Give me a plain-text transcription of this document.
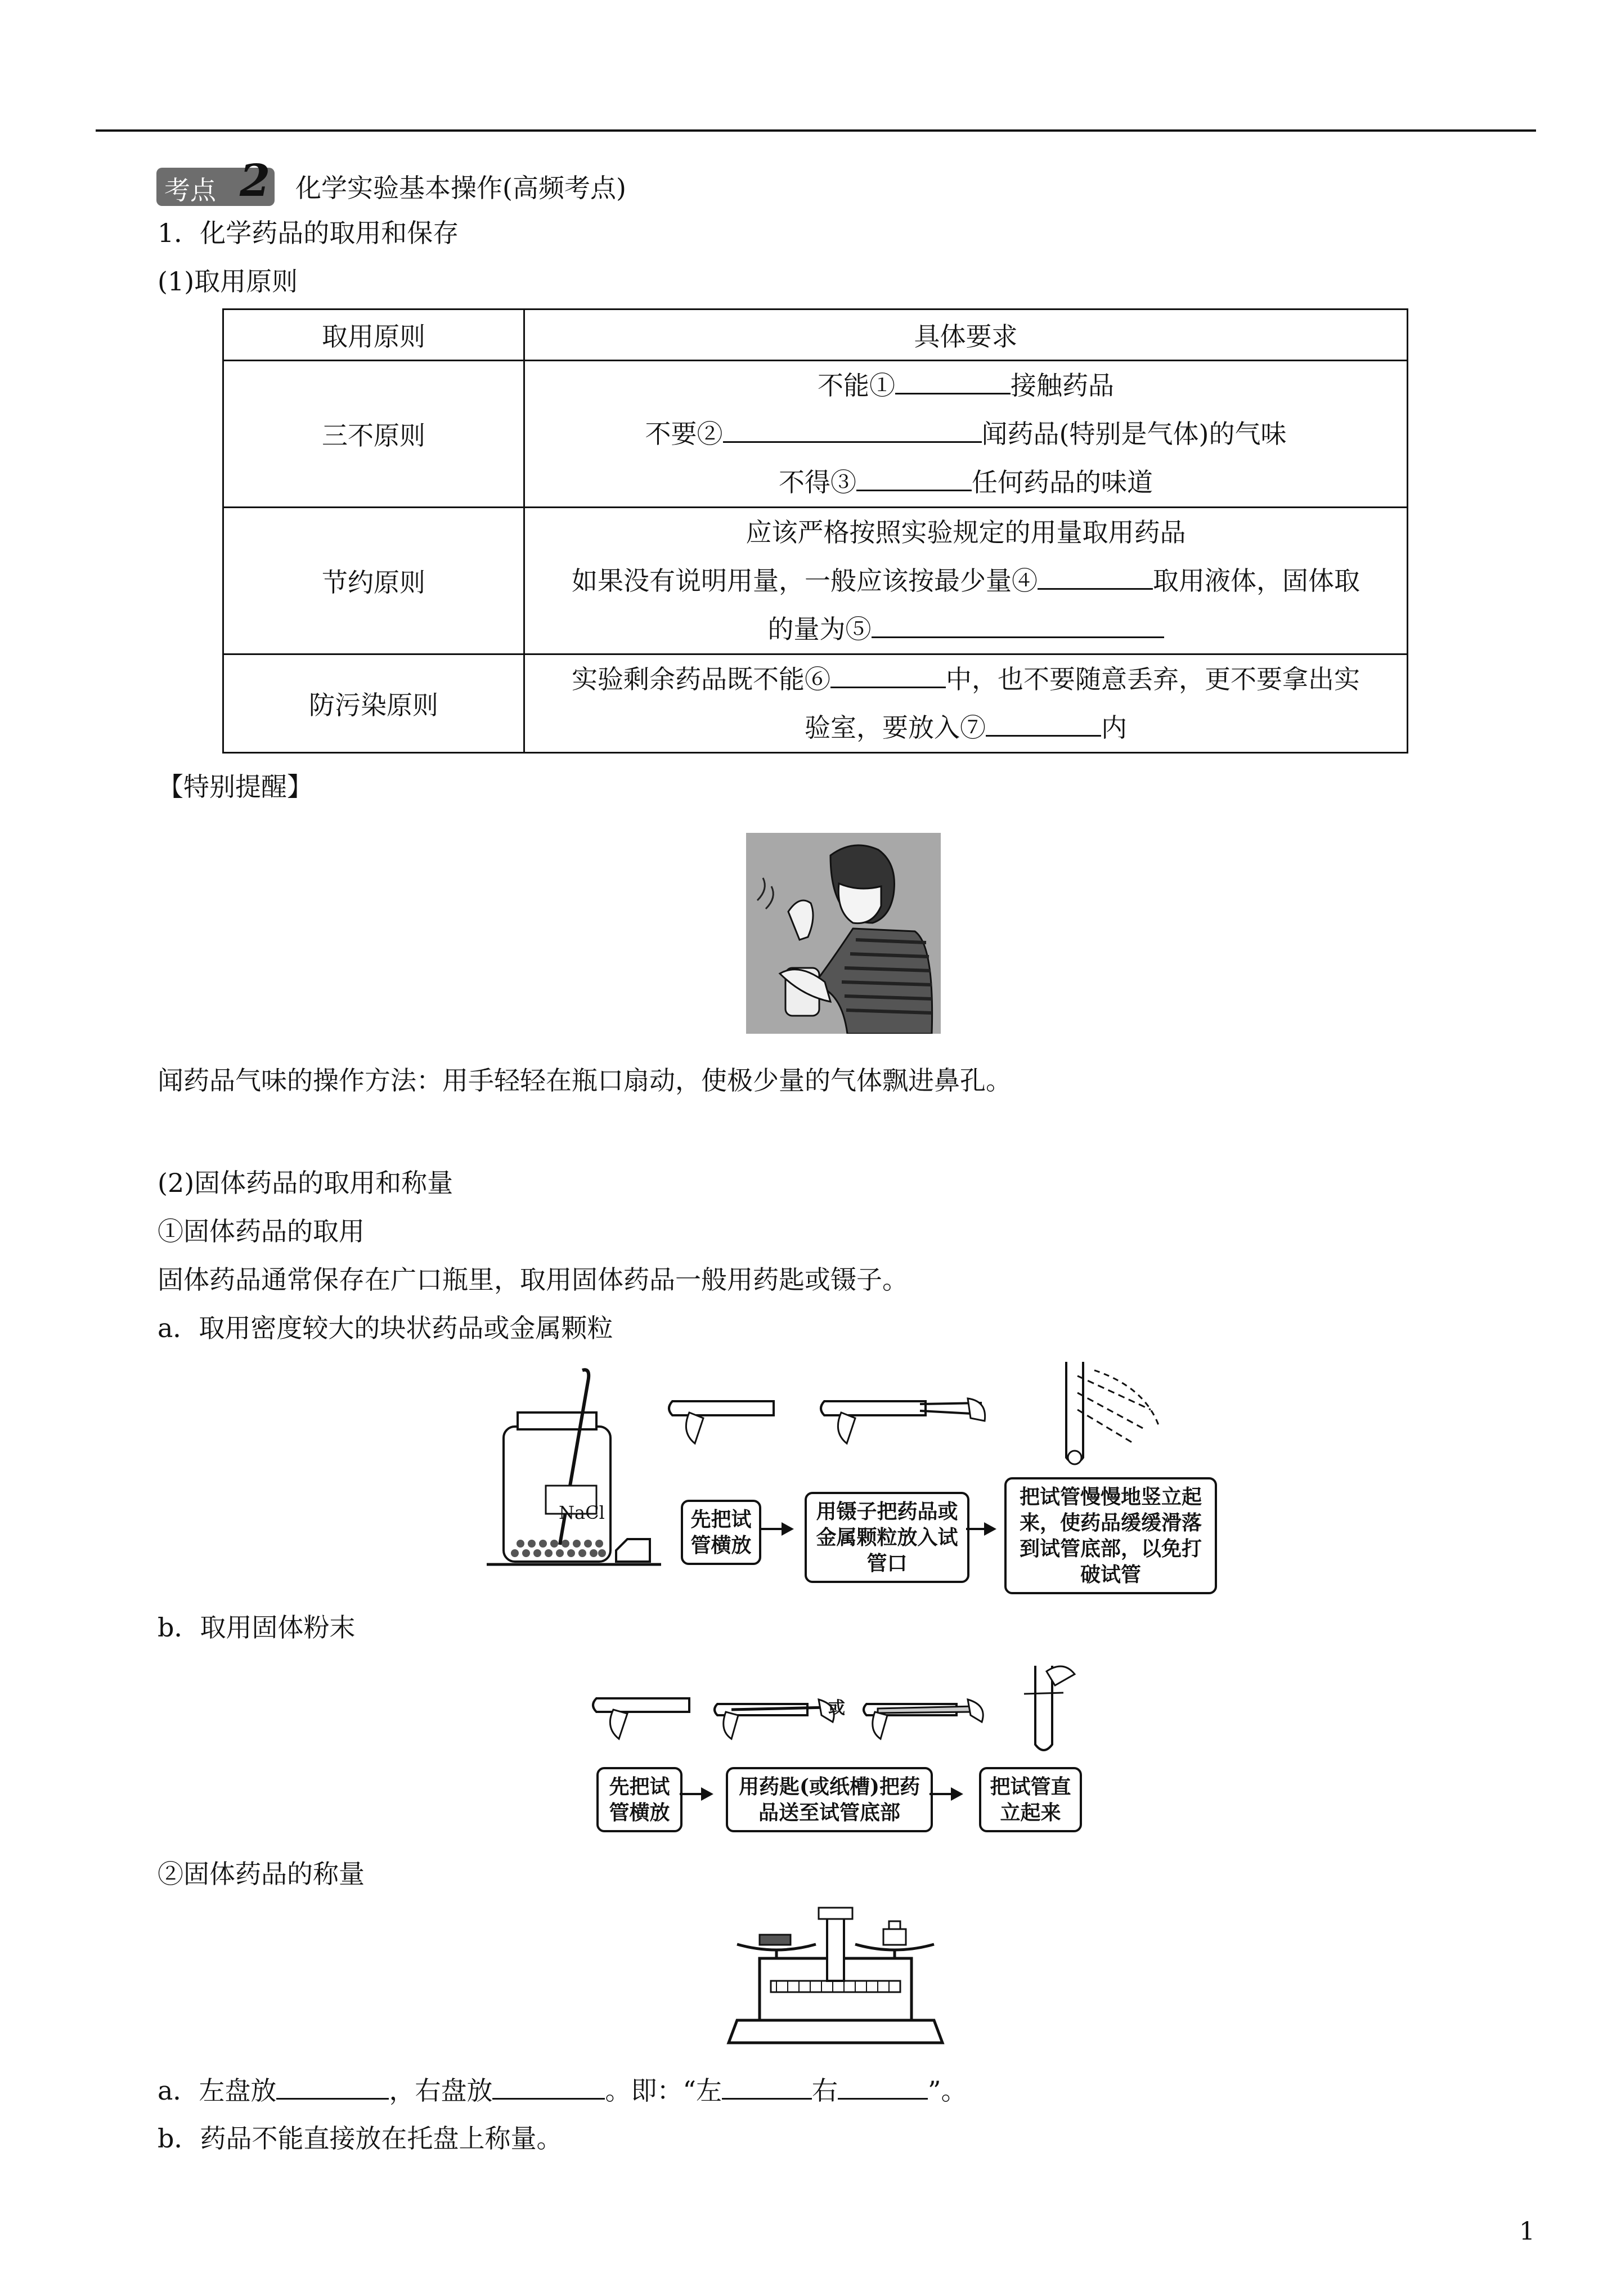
考点 2 化学实验基本操作(高频考点)
1．化学药品的取用和保存
(1)取用原则
取用原则	具体要求
三不原则	不能① 接触药品
不要② 闻药品(特别是气体)的气味
不得③ 任何药品的味道

节约原则	应该严格按照实验规定的用量取用药品
如果没有说明用量，一般应该按最少量④ 取用液体，固体取
的量为⑤

防污染原则	实验剩余药品既不能⑥ 中，也不要随意丢弃，更不要拿出实
验室，要放入⑦ 内
【特别提醒】
闻药品气味的操作方法：用手轻轻在瓶口扇动，使极少量的气体飘进鼻孔。
(2)固体药品的取用和称量
①固体药品的取用
固体药品通常保存在广口瓶里，取用固体药品一般用药匙或镊子。
a．取用密度较大的块状药品或金属颗粒
NaCl	先把试管横放
用镊子把药品或金属颗粒放入试管口
把试管慢慢地竖立起来，使药品缓缓滑落到试管底部，以免打破试管
b．取用固体粉末
或
先把试管横放
用药匙(或纸槽)把药品送至试管底部
把试管直立起来
②固体药品的称量
a．左盘放	，右盘放	。即：“左	右	”。
b．药品不能直接放在托盘上称量。
1
